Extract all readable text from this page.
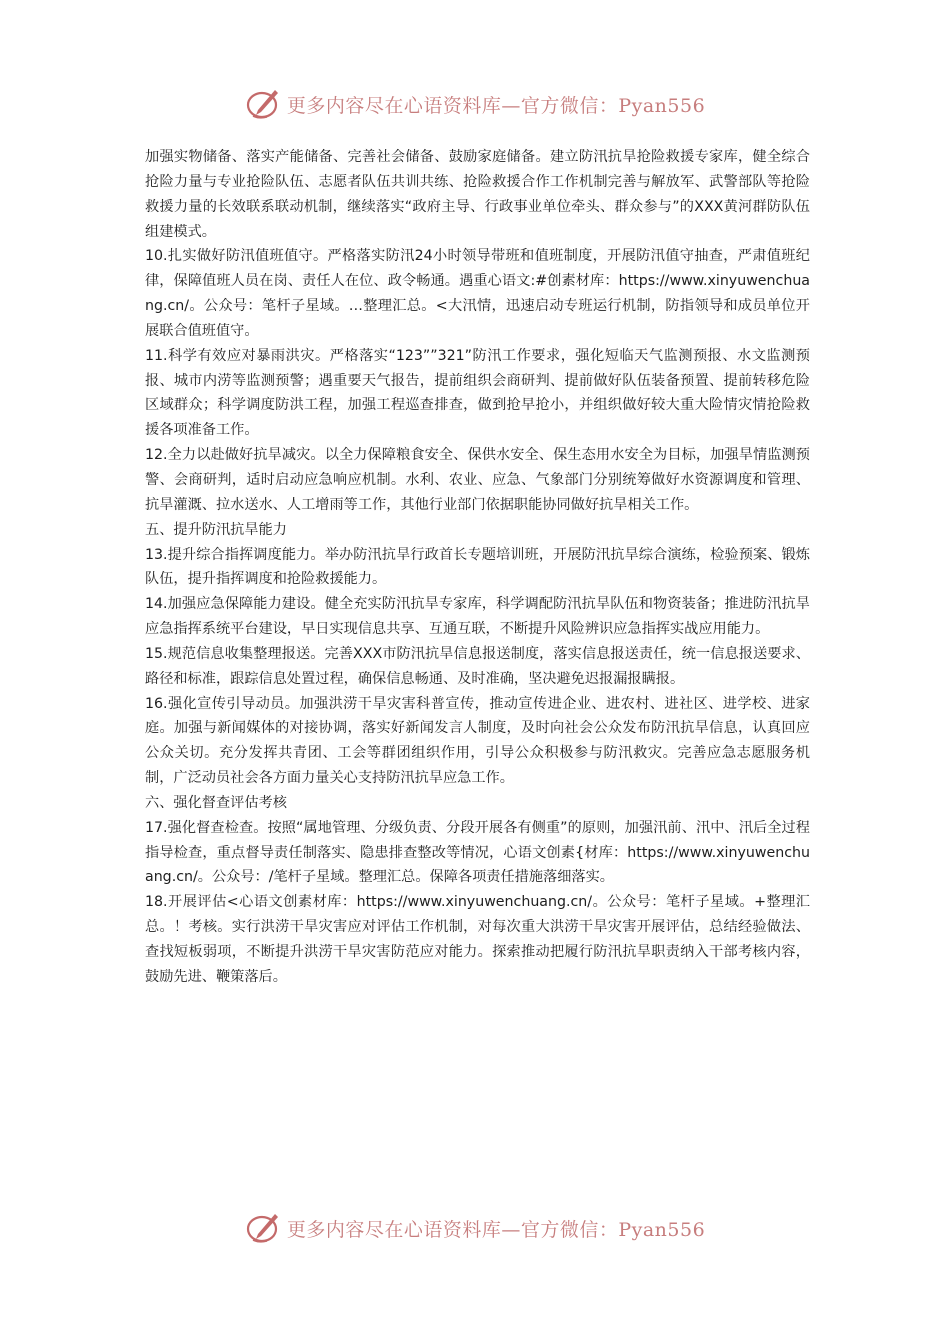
更多内容尽在心语资料库—官方微信：Pyan556

加强实物储备、落实产能储备、完善社会储备、鼓励家庭储备。建立防汛抗旱抢险救援专家库，健全综合抢险力量与专业抢险队伍、志愿者队伍共训共练、抢险救援合作工作机制完善与解放军、武警部队等抢险救援力量的长效联系联动机制，继续落实“政府主导、行政事业单位牵头、群众参与”的XXX黄河群防队伍组建模式。

10.扎实做好防汛值班值守。严格落实防汛24小时领导带班和值班制度，开展防汛值守抽查，严肃值班纪律，保障值班人员在岗、责任人在位、政令畅通。遇重心语文:#创素材库：https://www.xinyuwenchuang.cn/。公众号：笔杆子星域。…整理汇总。<大汛情，迅速启动专班运行机制，防指领导和成员单位开展联合值班值守。

11.科学有效应对暴雨洪灾。严格落实“123””321”防汛工作要求，强化短临天气监测预报、水文监测预报、城市内涝等监测预警；遇重要天气报告，提前组织会商研判、提前做好队伍装备预置、提前转移危险区域群众；科学调度防洪工程，加强工程巡查排查，做到抢早抢小，并组织做好较大重大险情灾情抢险救援各项准备工作。

12.全力以赴做好抗旱减灾。以全力保障粮食安全、保供水安全、保生态用水安全为目标，加强旱情监测预警、会商研判，适时启动应急响应机制。水利、农业、应急、气象部门分别统筹做好水资源调度和管理、抗旱灌溉、拉水送水、人工增雨等工作，其他行业部门依据职能协同做好抗旱相关工作。

五、提升防汛抗旱能力

13.提升综合指挥调度能力。举办防汛抗旱行政首长专题培训班，开展防汛抗旱综合演练，检验预案、锻炼队伍，提升指挥调度和抢险救援能力。

14.加强应急保障能力建设。健全充实防汛抗旱专家库，科学调配防汛抗旱队伍和物资装备；推进防汛抗旱应急指挥系统平台建设，早日实现信息共享、互通互联，不断提升风险辨识应急指挥实战应用能力。

15.规范信息收集整理报送。完善XXX市防汛抗旱信息报送制度，落实信息报送责任，统一信息报送要求、路径和标准，跟踪信息处置过程，确保信息畅通、及时准确，坚决避免迟报漏报瞒报。

16.强化宣传引导动员。加强洪涝干旱灾害科普宣传，推动宣传进企业、进农村、进社区、进学校、进家庭。加强与新闻媒体的对接协调，落实好新闻发言人制度，及时向社会公众发布防汛抗旱信息，认真回应公众关切。充分发挥共青团、工会等群团组织作用，引导公众积极参与防汛救灾。完善应急志愿服务机制，广泛动员社会各方面力量关心支持防汛抗旱应急工作。

六、强化督查评估考核

17.强化督查检查。按照“属地管理、分级负责、分段开展各有侧重”的原则，加强汛前、汛中、汛后全过程指导检查，重点督导责任制落实、隐患排查整改等情况，心语文创素{材库：https://www.xinyuwenchuang.cn/。公众号：/笔杆子星域。整理汇总。保障各项责任措施落细落实。

18.开展评估<心语文创素材库：https://www.xinyuwenchuang.cn/。公众号：笔杆子星域。+整理汇总。！考核。实行洪涝干旱灾害应对评估工作机制，对每次重大洪涝干旱灾害开展评估，总结经验做法、查找短板弱项，不断提升洪涝干旱灾害防范应对能力。探索推动把履行防汛抗旱职责纳入干部考核内容，鼓励先进、鞭策落后。

更多内容尽在心语资料库—官方微信：Pyan556
